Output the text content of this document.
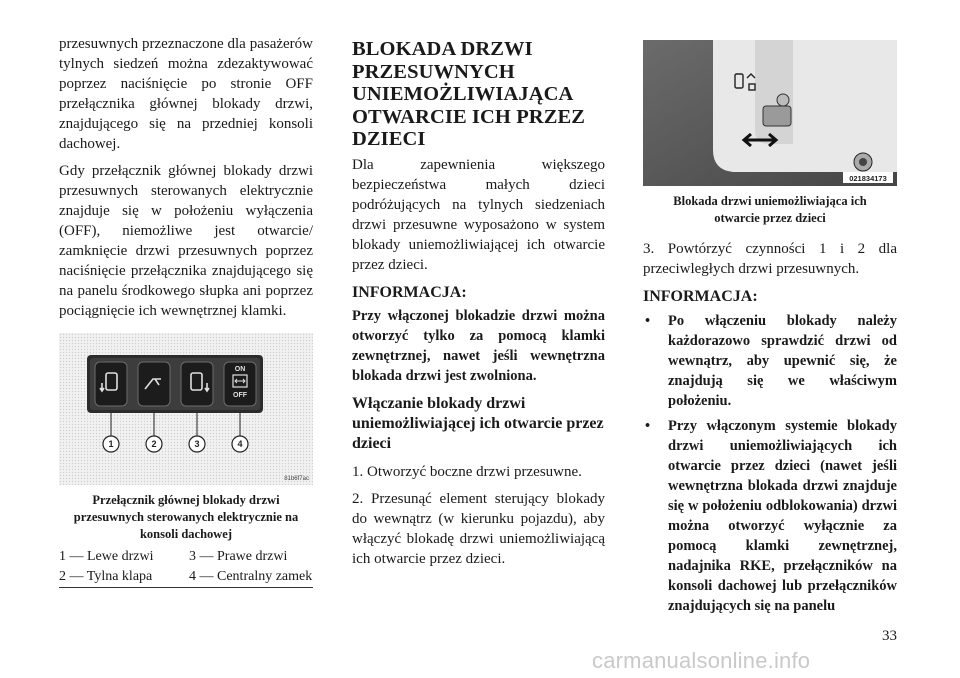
przesuwnych przeznaczone dla pasażerów tylnych siedzeń można zdezaktywować poprzez naciśnięcie po stronie OFF przełącznika głównej blokady drzwi, znajdującego się na przedniej konsoli dachowej.

Gdy przełącznik głównej blokady drzwi przesuwnych sterowanych elektrycznie znajduje się w położeniu wyłączenia (OFF), niemożliwe jest otwarcie/ zamknięcie drzwi przesuwnych poprzez naciśnięcie przełącznika znajdującego się na panelu środkowego słupka ani poprzez pociągnięcie ich wewnętrznej klamki.

ON
OFF
1	2	3	4
81b6f7ac

Przełącznik głównej blokady drzwi przesuwnych sterowanych elektrycznie na konsoli dachowej

1 — Lewe drzwi	3 — Prawe drzwi
2 — Tylna klapa	4 — Centralny zamek

BLOKADA DRZWI PRZESUWNYCH UNIEMOŻLIWIAJĄCA OTWARCIE ICH PRZEZ DZIECI

Dla zapewnienia większego bezpieczeństwa małych dzieci podróżujących na tylnych siedzeniach drzwi przesuwne wyposażono w system blokady uniemożliwiającej ich otwarcie przez dzieci.

INFORMACJA:

Przy włączonej blokadzie drzwi można otworzyć tylko za pomocą klamki zewnętrznej, nawet jeśli wewnętrzna blokada drzwi jest zwolniona.

Włączanie blokady drzwi uniemożliwiającej ich otwarcie przez dzieci

1. Otworzyć boczne drzwi przesuwne.

2. Przesunąć element sterujący blokady do wewnątrz (w kierunku pojazdu), aby włączyć blokadę drzwi uniemożliwiającą ich otwarcie przez dzieci.

021834173

Blokada drzwi uniemożliwiająca ich otwarcie przez dzieci

3. Powtórzyć czynności 1 i 2 dla przeciwległych drzwi przesuwnych.

INFORMACJA:

• Po włączeniu blokady należy każdorazowo sprawdzić drzwi od wewnątrz, aby upewnić się, że znajdują się we właściwym położeniu.
• Przy włączonym systemie blokady drzwi uniemożliwiających ich otwarcie przez dzieci (nawet jeśli wewnętrzna blokada drzwi znajduje się w położeniu odblokowania) drzwi można otworzyć wyłącznie za pomocą klamki zewnętrznej, nadajnika RKE, przełączników na konsoli dachowej lub przełączników znajdujących się na panelu
33
carmanualsonline.info
